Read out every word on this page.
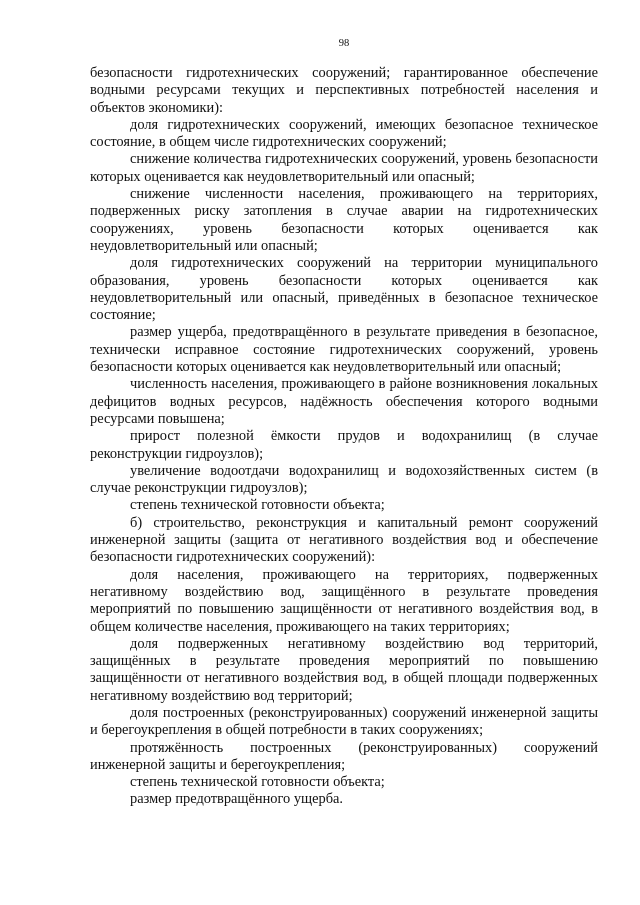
98

безопасности гидротехнических сооружений; гарантированное обеспечение водными ресурсами текущих и перспективных потребностей населения и объектов экономики):

доля гидротехнических сооружений, имеющих безопасное техническое состояние, в общем числе гидротехнических сооружений;

снижение количества гидротехнических сооружений, уровень безопасности которых оценивается как неудовлетворительный или опасный;

снижение численности населения, проживающего на территориях, подверженных риску затопления в случае аварии на гидротехнических сооружениях, уровень безопасности которых оценивается как неудовлетворительный или опасный;

доля гидротехнических сооружений на территории муниципального образования, уровень безопасности которых оценивается как неудовлетворительный или опасный, приведённых в безопасное техническое состояние;

размер ущерба, предотвращённого в результате приведения в безопасное, технически исправное состояние гидротехнических сооружений, уровень безопасности которых оценивается как неудовлетворительный или опасный;

численность населения, проживающего в районе возникновения локальных дефицитов водных ресурсов, надёжность обеспечения которого водными ресурсами повышена;

прирост полезной ёмкости прудов и водохранилищ (в случае реконструкции гидроузлов);

увеличение водоотдачи водохранилищ и водохозяйственных систем (в случае реконструкции гидроузлов);

степень технической готовности объекта;

б) строительство, реконструкция и капитальный ремонт сооружений инженерной защиты (защита от негативного воздействия вод и обеспечение безопасности гидротехнических сооружений):

доля населения, проживающего на территориях, подверженных негативному воздействию вод, защищённого в результате проведения мероприятий по повышению защищённости от негативного воздействия вод, в общем количестве населения, проживающего на таких территориях;

доля подверженных негативному воздействию вод территорий, защищённых в результате проведения мероприятий по повышению защищённости от негативного воздействия вод, в общей площади подверженных негативному воздействию вод территорий;

доля построенных (реконструированных) сооружений инженерной защиты и берегоукрепления в общей потребности в таких сооружениях;

протяжённость построенных (реконструированных) сооружений инженерной защиты и берегоукрепления;

степень технической готовности объекта;

размер предотвращённого ущерба.
